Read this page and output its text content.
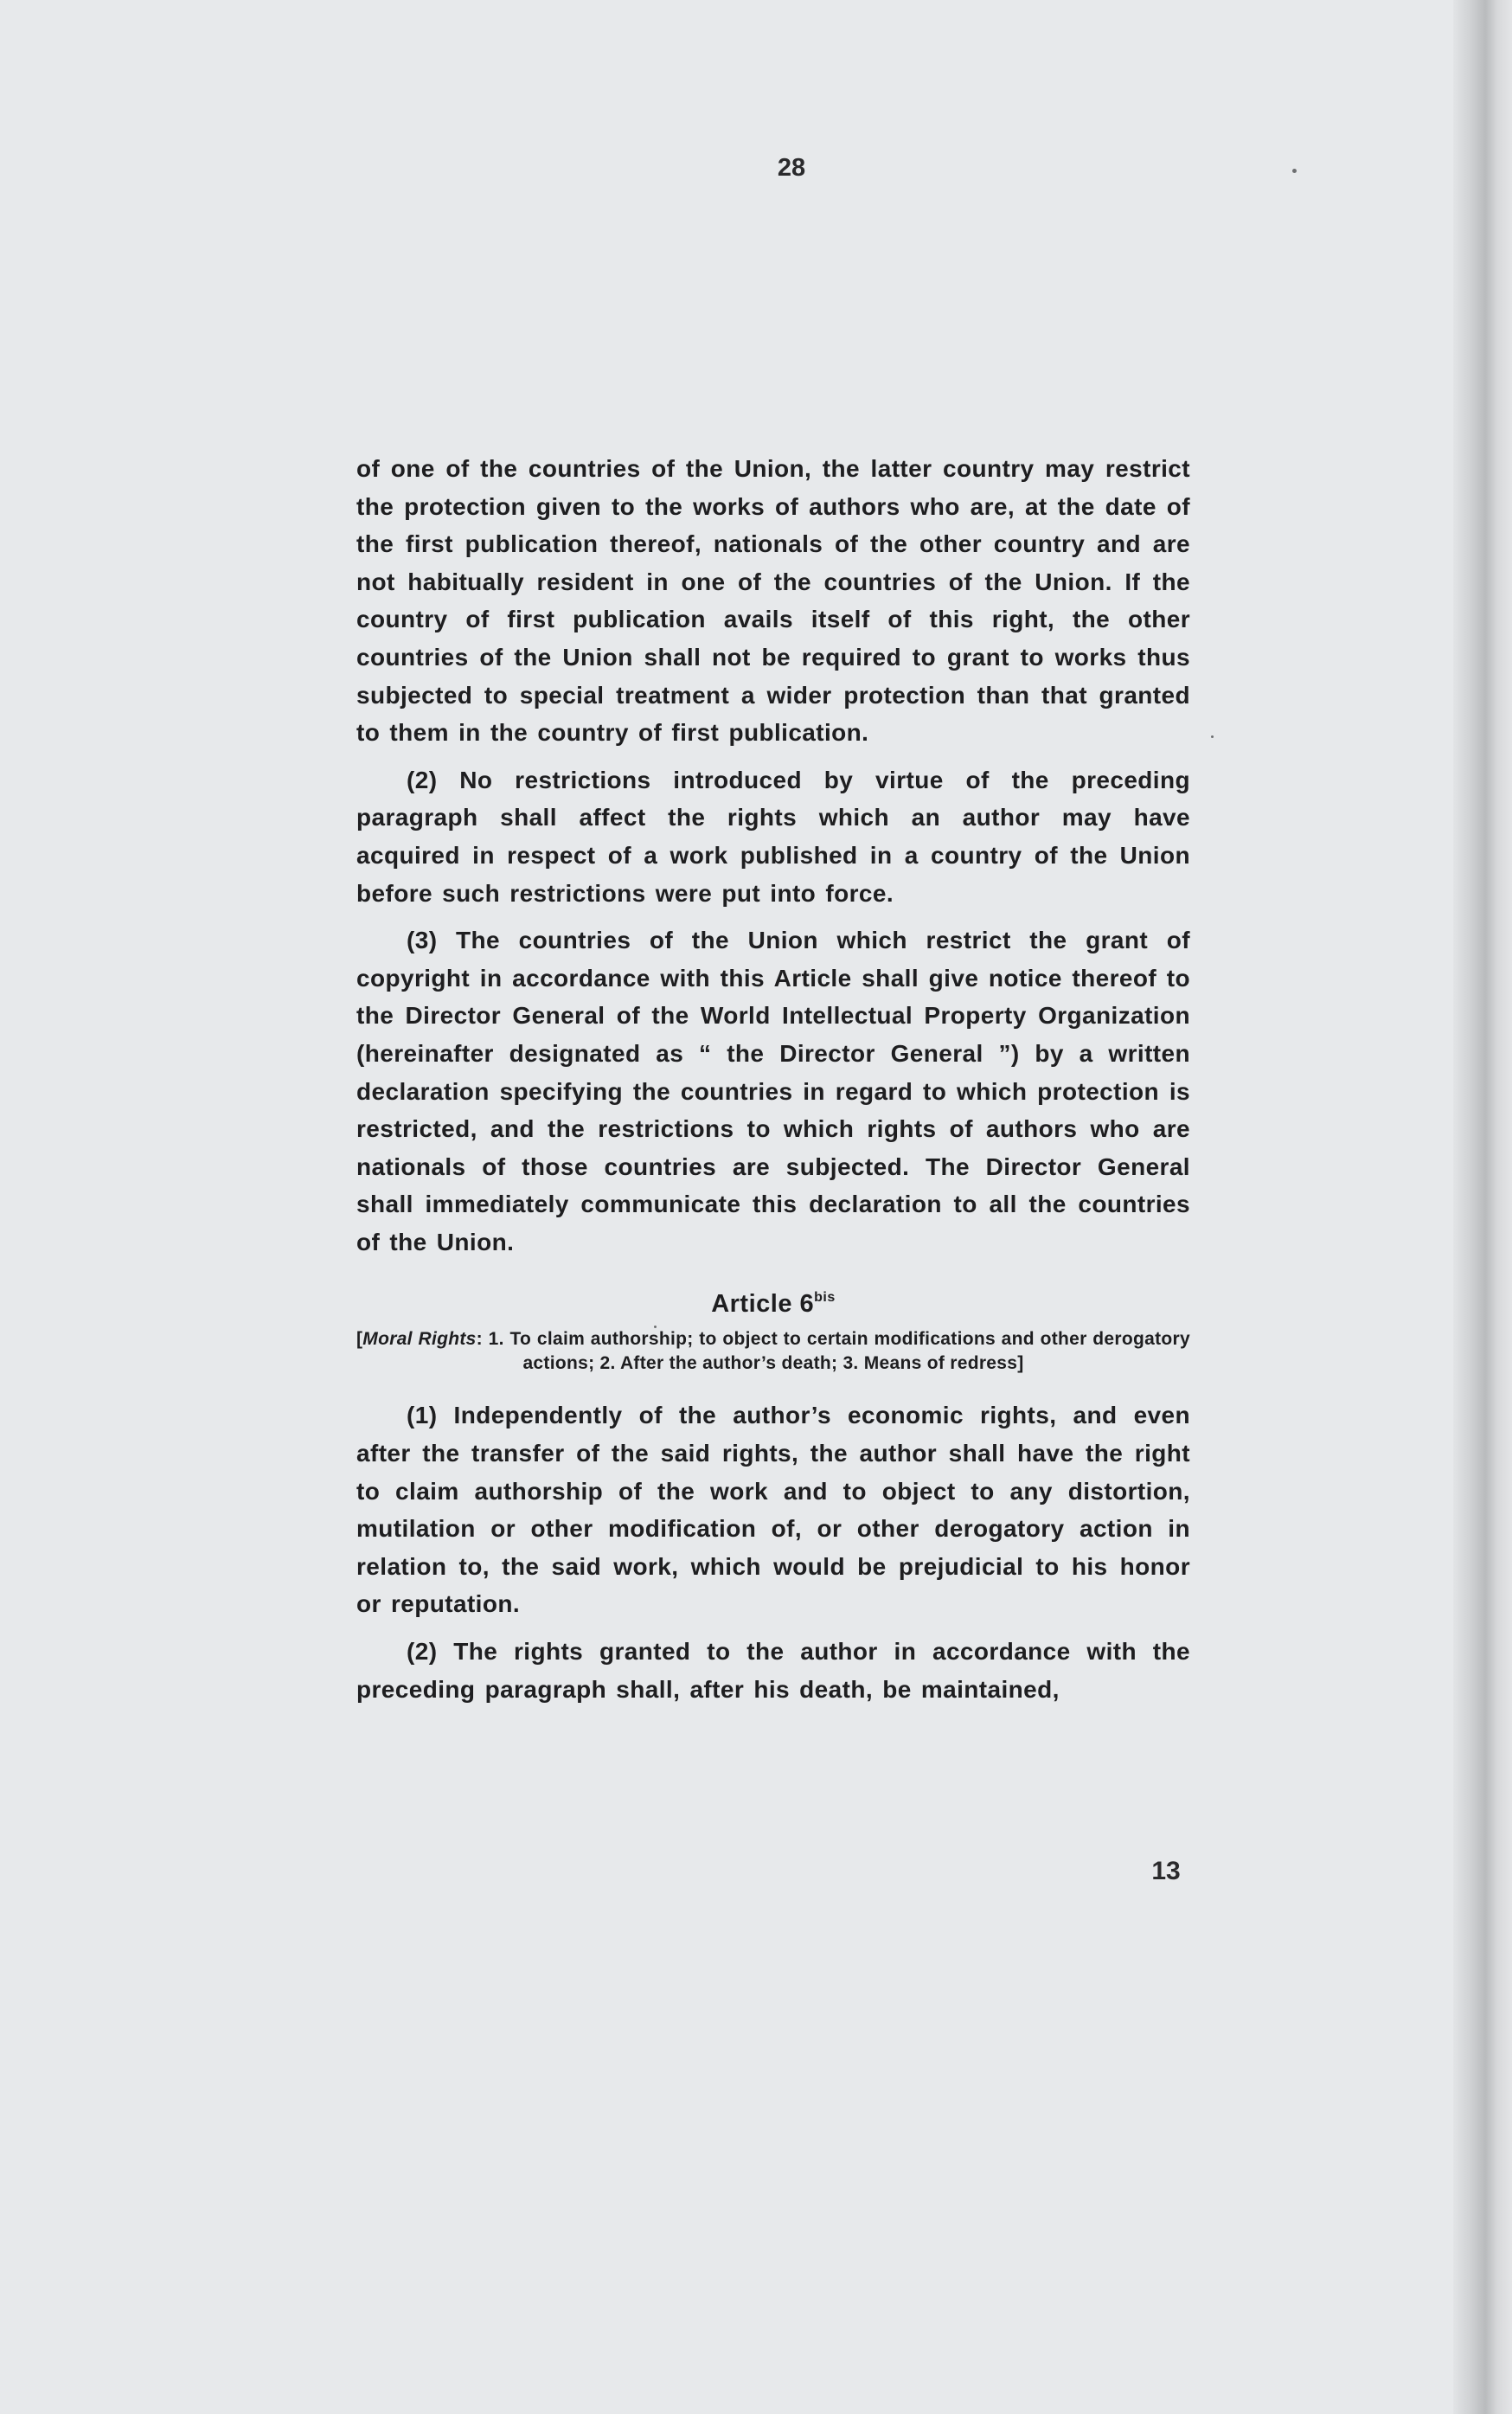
28

of one of the countries of the Union, the latter country may restrict the protection given to the works of authors who are, at the date of the first publication thereof, nationals of the other country and are not habitually resident in one of the countries of the Union. If the country of first publication avails itself of this right, the other countries of the Union shall not be required to grant to works thus subjected to special treatment a wider protection than that granted to them in the country of first publication.

(2) No restrictions introduced by virtue of the preceding paragraph shall affect the rights which an author may have acquired in respect of a work published in a country of the Union before such restrictions were put into force.

(3) The countries of the Union which restrict the grant of copyright in accordance with this Article shall give notice thereof to the Director General of the World Intellectual Property Organization (hereinafter designated as “ the Director General ”) by a written declaration specifying the countries in regard to which protection is restricted, and the restrictions to which rights of authors who are nationals of those countries are subjected. The Director General shall immediately communicate this declaration to all the countries of the Union.

Article $6^{bis}$
[Moral Rights: 1. To claim authorship; to object to certain modifications and other derogatory actions; 2. After the author’s death; 3. Means of redress]

(1) Independently of the author’s economic rights, and even after the transfer of the said rights, the author shall have the right to claim authorship of the work and to object to any distortion, mutilation or other modification of, or other derogatory action in relation to, the said work, which would be prejudicial to his honor or reputation.

(2) The rights granted to the author in accordance with the preceding paragraph shall, after his death, be maintained,

13
